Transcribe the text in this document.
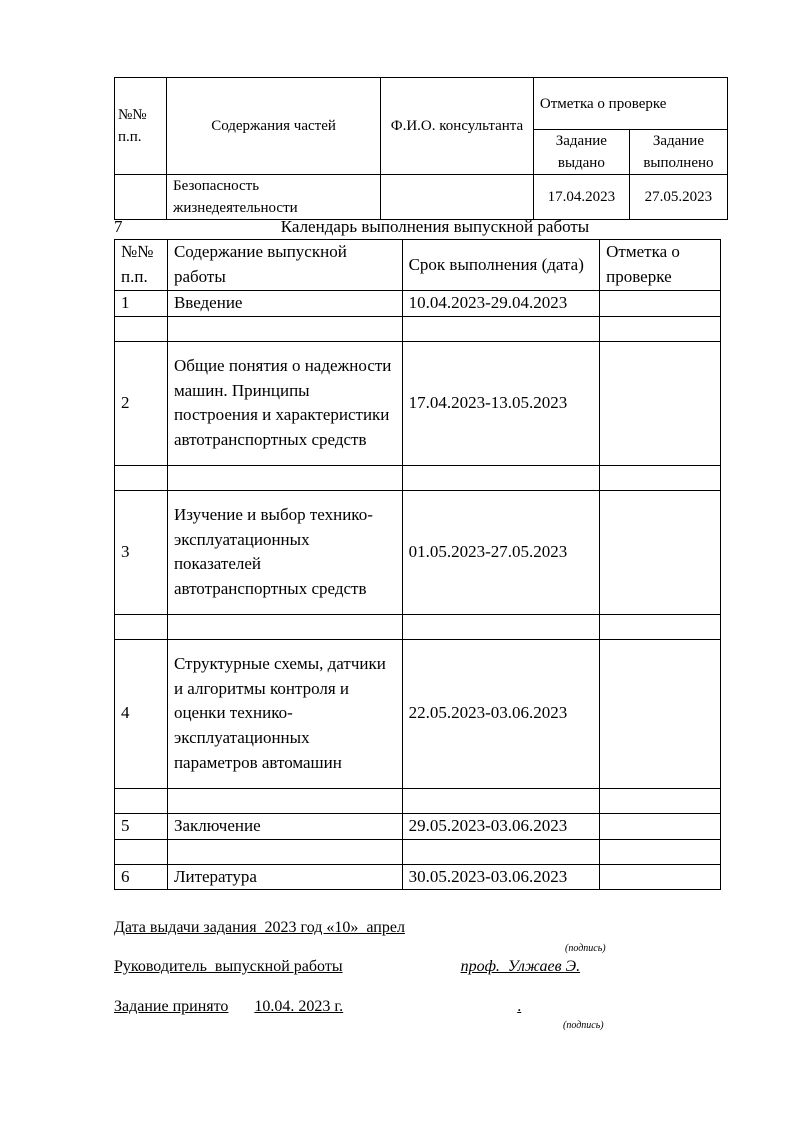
№№ п.п.	Содержания частей	Ф.И.О. консультанта	Отметка о проверке	
			Задание выдано	Задание выполнено
	Безопасность жизнедеятельности		17.04.2023	27.05.2023
7	Календарь выполнения выпускной работы
№№ п.п.	Содержание выпускной работы	Срок выполнения (дата)	Отметка о проверке
1	Введение	10.04.2023-29.04.2023	

2	Общие понятия о надежности машин. Принципы построения и характеристики автотранспортных средств	17.04.2023-13.05.2023	

3	Изучение и выбор технико-эксплуатационных показателей автотранспортных средств	01.05.2023-27.05.2023	

4	Структурные схемы, датчики и алгоритмы контроля и оценки технико-эксплуатационных параметров автомашин	22.05.2023-03.06.2023	

5	Заключение	29.05.2023-03.06.2023	

6	Литература	30.05.2023-03.06.2023	
Дата выдачи задания  2023 год «10»  апрел
(подпись)
Руководитель  выпускной работы	проф.  Улжаев Э.
Задание принято 10.04. 2023 г.	.
(подпись)
